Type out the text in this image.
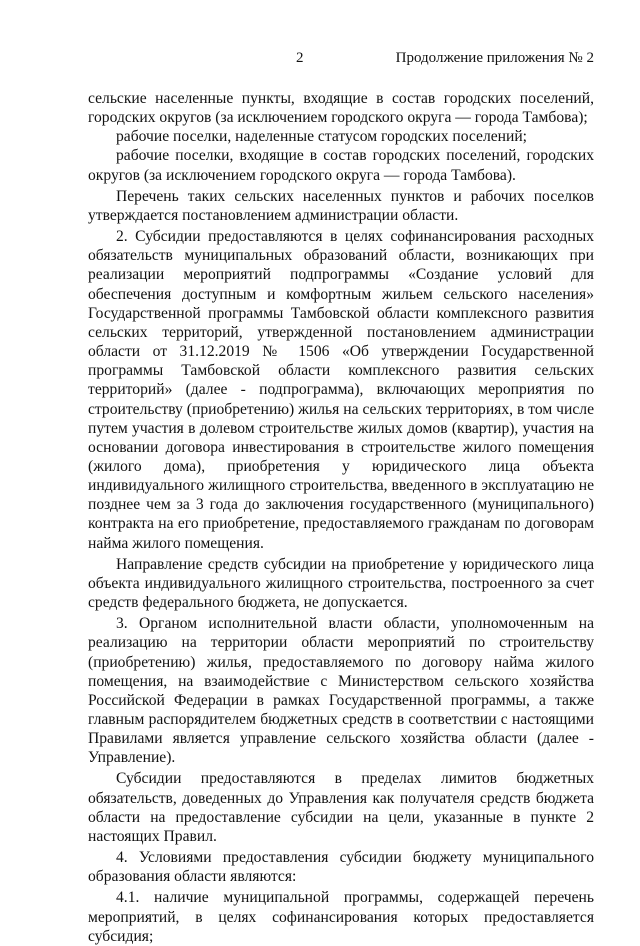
2	Продолжение приложения № 2

сельские населенные пункты, входящие в состав городских поселений, городских округов (за исключением городского округа — города Тамбова);

рабочие поселки, наделенные статусом городских поселений;

рабочие поселки, входящие в состав городских поселений, городских округов (за исключением городского округа — города Тамбова).

Перечень таких сельских населенных пунктов и рабочих поселков утверждается постановлением администрации области.

2. Субсидии предоставляются в целях софинансирования расходных обязательств муниципальных образований области, возникающих при реализации мероприятий подпрограммы «Создание условий для обеспечения доступным и комфортным жильем сельского населения» Государственной программы Тамбовской области комплексного развития сельских территорий, утвержденной постановлением администрации области от 31.12.2019 № 1506 «Об утверждении Государственной программы Тамбовской области комплексного развития сельских территорий» (далее - подпрограмма), включающих мероприятия по строительству (приобретению) жилья на сельских территориях, в том числе путем участия в долевом строительстве жилых домов (квартир), участия на основании договора инвестирования в строительстве жилого помещения (жилого дома), приобретения у юридического лица объекта индивидуального жилищного строительства, введенного в эксплуатацию не позднее чем за 3 года до заключения государственного (муниципального) контракта на его приобретение, предоставляемого гражданам по договорам найма жилого помещения.

Направление средств субсидии на приобретение у юридического лица объекта индивидуального жилищного строительства, построенного за счет средств федерального бюджета, не допускается.

3. Органом исполнительной власти области, уполномоченным на реализацию на территории области мероприятий по строительству (приобретению) жилья, предоставляемого по договору найма жилого помещения, на взаимодействие с Министерством сельского хозяйства Российской Федерации в рамках Государственной программы, а также главным распорядителем бюджетных средств в соответствии с настоящими Правилами является управление сельского хозяйства области (далее - Управление).

Субсидии предоставляются в пределах лимитов бюджетных обязательств, доведенных до Управления как получателя средств бюджета области на предоставление субсидии на цели, указанные в пункте 2 настоящих Правил.

4. Условиями предоставления субсидии бюджету муниципального образования области являются:

4.1. наличие муниципальной программы, содержащей перечень мероприятий, в целях софинансирования которых предоставляется субсидия;
